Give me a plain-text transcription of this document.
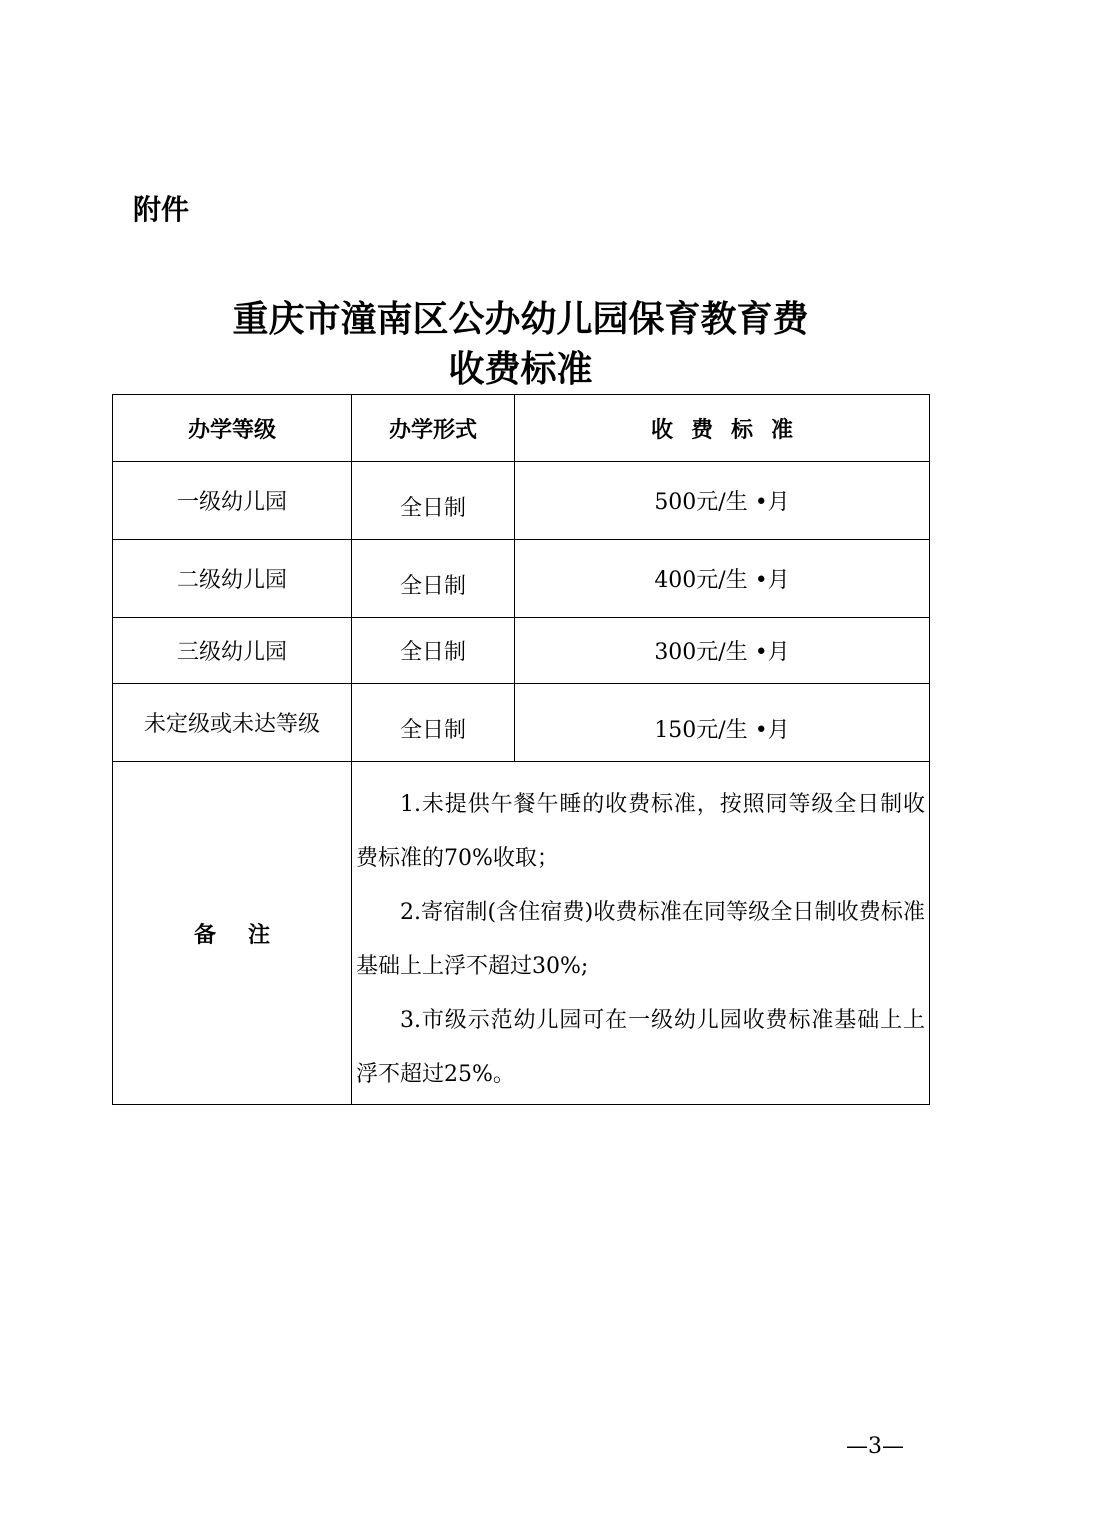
附件

重庆市潼南区公办幼儿园保育教育费

收费标准

办学等级	办学形式	收费标准
一级幼儿园	全日制	500元/生 •月
二级幼儿园	全日制	400元/生 •月
三级幼儿园	全日制	300元/生 •月
未定级或未达等级	全日制	150元/生 •月
备注	1.未提供午餐午睡的收费标准，按照同等级全日制收费标准的70%收取；

2.寄宿制(含住宿费)收费标准在同等级全日制收费标准基础上上浮不超过30%;

3.市级示范幼儿园可在一级幼儿园收费标准基础上上浮不超过25%。	

—3—
